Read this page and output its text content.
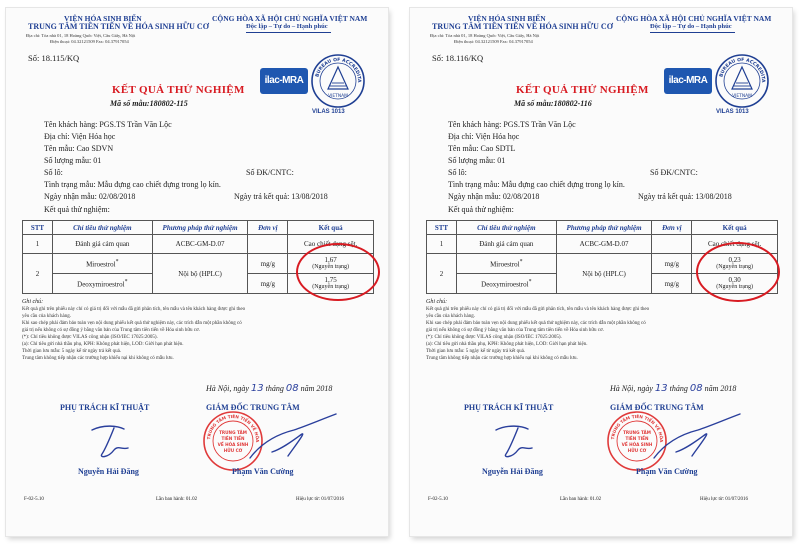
VIỆN HÓA SINH BIỂN
TRUNG TÂM TIỀN TIẾN VỀ HÓA SINH HỮU CƠ
Địa chỉ: Tòa nhà 01, 18 Hoàng Quốc Việt, Cầu Giấy, Hà Nội
Điện thoại: 04.32121509 Fax: 04.37917054
CỘNG HÒA XÃ HỘI CHỦ NGHĨA VIỆT NAM
Độc lập – Tự do – Hạnh phúc
Số: 18.115/KQ
KẾT QUẢ THỬ NGHIỆM
Mã số mẫu:180802-115
ilac-MRA	BUREAU OF ACCREDITA
VIETNAM
VILAS 1013
Tên khách hàng: PGS.TS Trần Văn Lộc
Địa chỉ: Viện Hóa học
Tên mẫu: Cao SDVN
Số lượng mẫu: 01
Số lô:	Số ĐK/CNTC:
Tình trạng mẫu: Mẫu đựng cao chiết đựng trong lọ kín.
Ngày nhận mẫu: 02/08/2018	Ngày trả kết quả: 13/08/2018
Kết quả thử nghiệm:
STT	Chỉ tiêu thử nghiệm	Phương pháp thử nghiệm	Đơn vị	Kết quả
1	Đánh giá cảm quan	ACBC-GM-D.07		Cao chiết dạng sệt.
2	Miroestrol*	Nội bộ (HPLC)	mg/g	1,67
(Nguyên trạng)

	Deoxymiroestrol*		mg/g	1,75
(Nguyên trạng)
Ghi chú:
Kết quả ghi trên phiếu này chỉ có giá trị đối với mẫu đã gửi phân tích, tên mẫu và tên khách hàng được ghi theo
yêu cầu của khách hàng.
Khi sao chép phải đảm bảo toàn vẹn nội dung phiếu kết quả thử nghiệm này, các trích dẫn một phần không có
giá trị nếu không có sự đồng ý bằng văn bản của Trung tâm tiên tiến về Hóa sinh hữu cơ.
(*): Chỉ tiêu không được VILAS công nhận (ISO/IEC 17025:2005).
(a): Chỉ tiêu gửi nhà thầu phụ, KPH: Không phát hiện, LOD: Giới hạn phát hiện.
Thời gian lưu mẫu: 5 ngày kể từ ngày trả kết quả.
Trung tâm không tiếp nhận các trường hợp khiếu nại khi không có mẫu lưu.
Hà Nội, ngày 13 tháng 08 năm 2018
PHỤ TRÁCH KĨ THUẬT	GIÁM ĐỐC TRUNG TÂM
TRUNG TÂM TIÊN TIẾN VỀ HÓA
TRUNG TÂM
TIÊN TIẾN
VỀ HÓA SINH
HỮU CƠ
Nguyễn Hải Đăng	Phạm Văn Cường
F-02-5.10	Lần ban hành: 01.02	Hiệu lực từ: 01/07/2016
VIỆN HÓA SINH BIỂN
TRUNG TÂM TIỀN TIẾN VỀ HÓA SINH HỮU CƠ
Địa chỉ: Tòa nhà 01, 18 Hoàng Quốc Việt, Cầu Giấy, Hà Nội
Điện thoại: 04.32121509 Fax: 04.37917054
CỘNG HÒA XÃ HỘI CHỦ NGHĨA VIỆT NAM
Độc lập – Tự do – Hạnh phúc
Số: 18.116/KQ
KẾT QUẢ THỬ NGHIỆM
Mã số mẫu:180802-116
ilac-MRA	BUREAU OF ACCREDITA
VIETNAM
VILAS 1013
Tên khách hàng: PGS.TS Trần Văn Lộc
Địa chỉ: Viện Hóa học
Tên mẫu: Cao SDTL
Số lượng mẫu: 01
Số lô:	Số ĐK/CNTC:
Tình trạng mẫu: Mẫu đựng cao chiết đựng trong lọ kín.
Ngày nhận mẫu: 02/08/2018	Ngày trả kết quả: 13/08/2018
Kết quả thử nghiệm:
STT	Chỉ tiêu thử nghiệm	Phương pháp thử nghiệm	Đơn vị	Kết quả
1	Đánh giá cảm quan	ACBC-GM-D.07		Cao chiết dạng sệt.
2	Miroestrol*	Nội bộ (HPLC)	mg/g	0,23
(Nguyên trạng)

	Deoxymiroestrol*		mg/g	0,30
(Nguyên trạng)
Ghi chú:
Kết quả ghi trên phiếu này chỉ có giá trị đối với mẫu đã gửi phân tích, tên mẫu và tên khách hàng được ghi theo
yêu cầu của khách hàng.
Khi sao chép phải đảm bảo toàn vẹn nội dung phiếu kết quả thử nghiệm này, các trích dẫn một phần không có
giá trị nếu không có sự đồng ý bằng văn bản của Trung tâm tiên tiến về Hóa sinh hữu cơ.
(*): Chỉ tiêu không được VILAS công nhận (ISO/IEC 17025:2005).
(a): Chỉ tiêu gửi nhà thầu phụ, KPH: Không phát hiện, LOD: Giới hạn phát hiện.
Thời gian lưu mẫu: 5 ngày kể từ ngày trả kết quả.
Trung tâm không tiếp nhận các trường hợp khiếu nại khi không có mẫu lưu.
Hà Nội, ngày 13 tháng 08 năm 2018
PHỤ TRÁCH KĨ THUẬT	GIÁM ĐỐC TRUNG TÂM
TRUNG TÂM TIÊN TIẾN VỀ HÓA
TRUNG TÂM
TIÊN TIẾN
VỀ HÓA SINH
HỮU CƠ
Nguyễn Hải Đăng	Phạm Văn Cường
F-02-5.10	Lần ban hành: 01.02	Hiệu lực từ: 01/07/2016
